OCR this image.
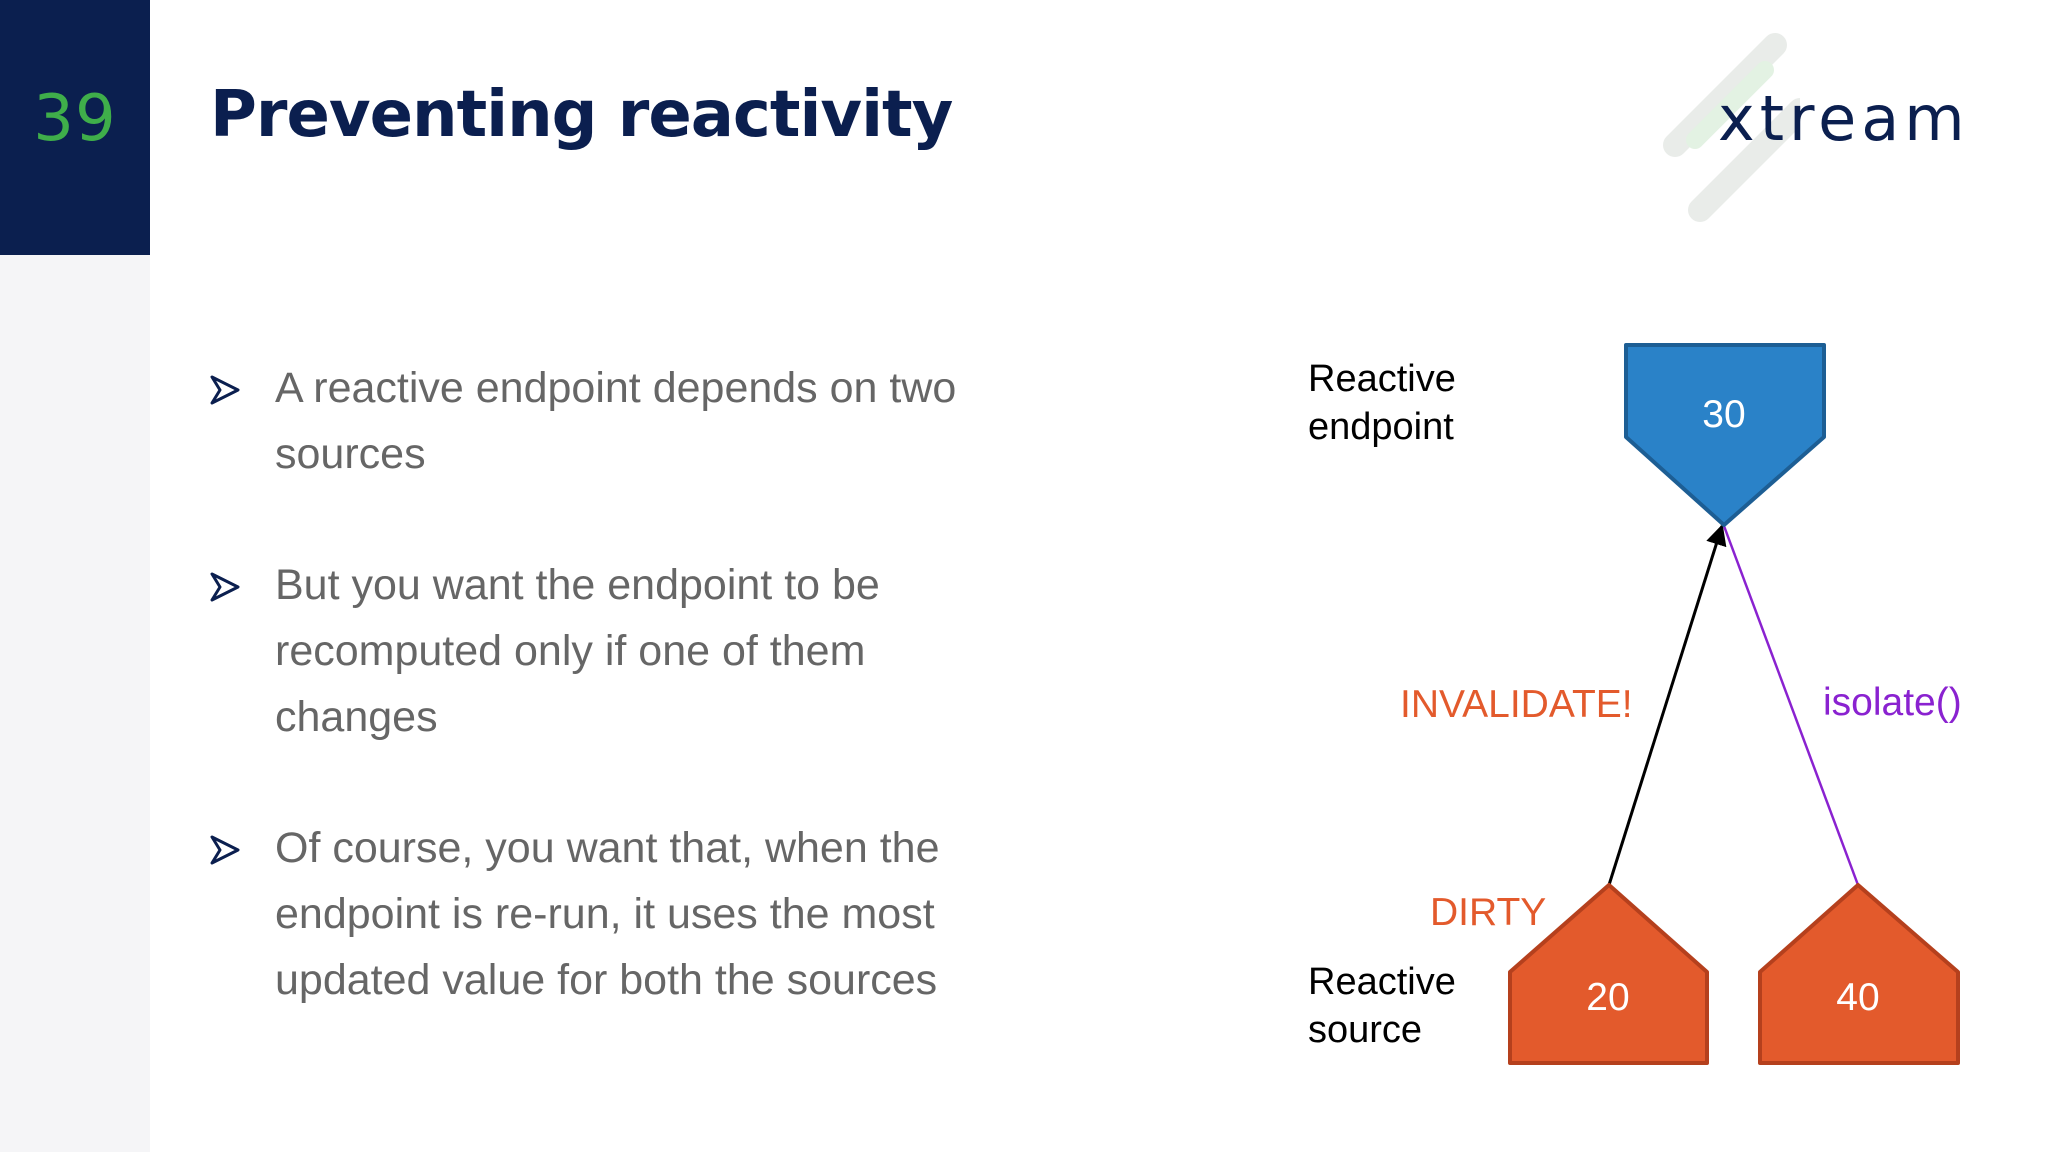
39	Preventing reactivity	xtream
A reactive endpoint depends on two sources
But you want the endpoint to be recomputed only if one of them changes
Of course, you want that, when the endpoint is re-run, it uses the most updated value for both the sources
30
20	40
Reactive
endpoint
Reactive
source
INVALIDATE!	isolate()
DIRTY
